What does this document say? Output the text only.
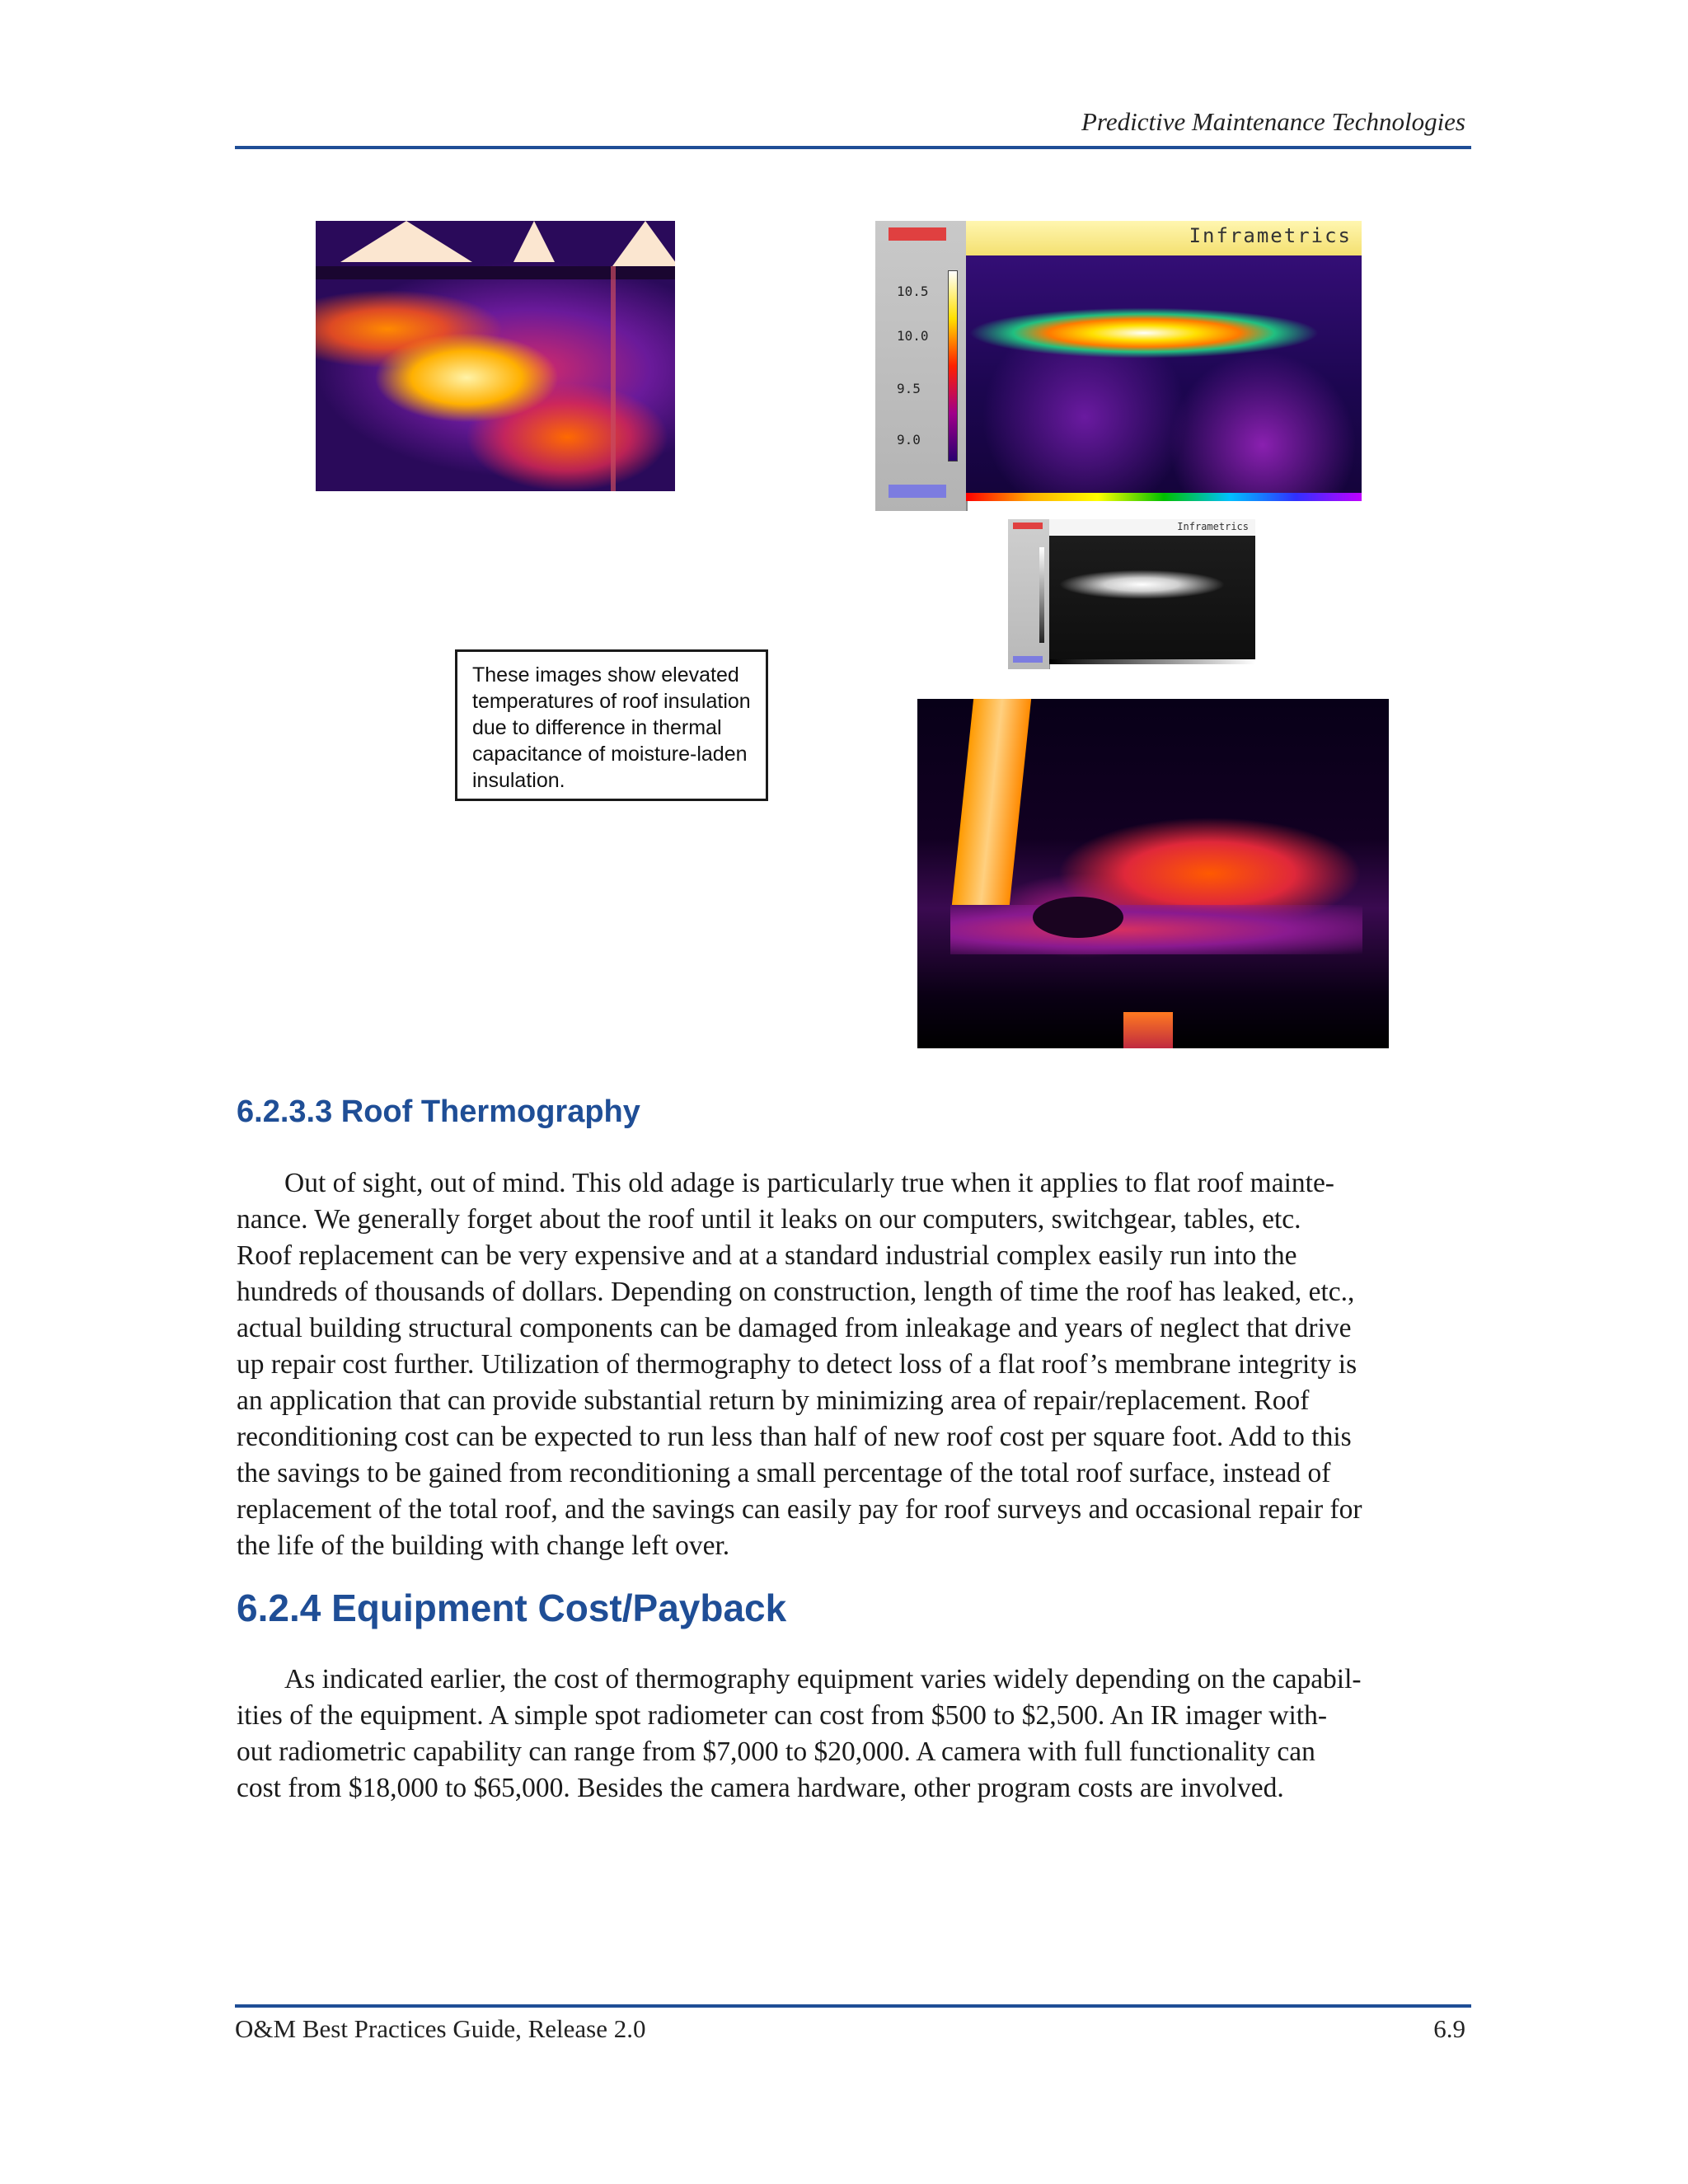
Predictive Maintenance Technologies
10.5
10.0
9.5
9.0
Inframetrics
Inframetrics
These images show elevated temperatures of roof insulation due to difference in thermal capacitance of moisture-laden insulation.
6.2.3.3 Roof Thermography
Out of sight, out of mind. This old adage is particularly true when it applies to flat roof mainte-
nance. We generally forget about the roof until it leaks on our computers, switchgear, tables, etc.
Roof replacement can be very expensive and at a standard industrial complex easily run into the
hundreds of thousands of dollars. Depending on construction, length of time the roof has leaked, etc.,
actual building structural components can be damaged from inleakage and years of neglect that drive
up repair cost further. Utilization of thermography to detect loss of a flat roof’s membrane integrity is
an application that can provide substantial return by minimizing area of repair/replacement. Roof
reconditioning cost can be expected to run less than half of new roof cost per square foot. Add to this
the savings to be gained from reconditioning a small percentage of the total roof surface, instead of
replacement of the total roof, and the savings can easily pay for roof surveys and occasional repair for
the life of the building with change left over.
6.2.4 Equipment Cost/Payback
As indicated earlier, the cost of thermography equipment varies widely depending on the capabil-
ities of the equipment. A simple spot radiometer can cost from $500 to $2,500. An IR imager with-
out radiometric capability can range from $7,000 to $20,000. A camera with full functionality can
cost from $18,000 to $65,000. Besides the camera hardware, other program costs are involved.
O&M Best Practices Guide, Release 2.0	6.9
